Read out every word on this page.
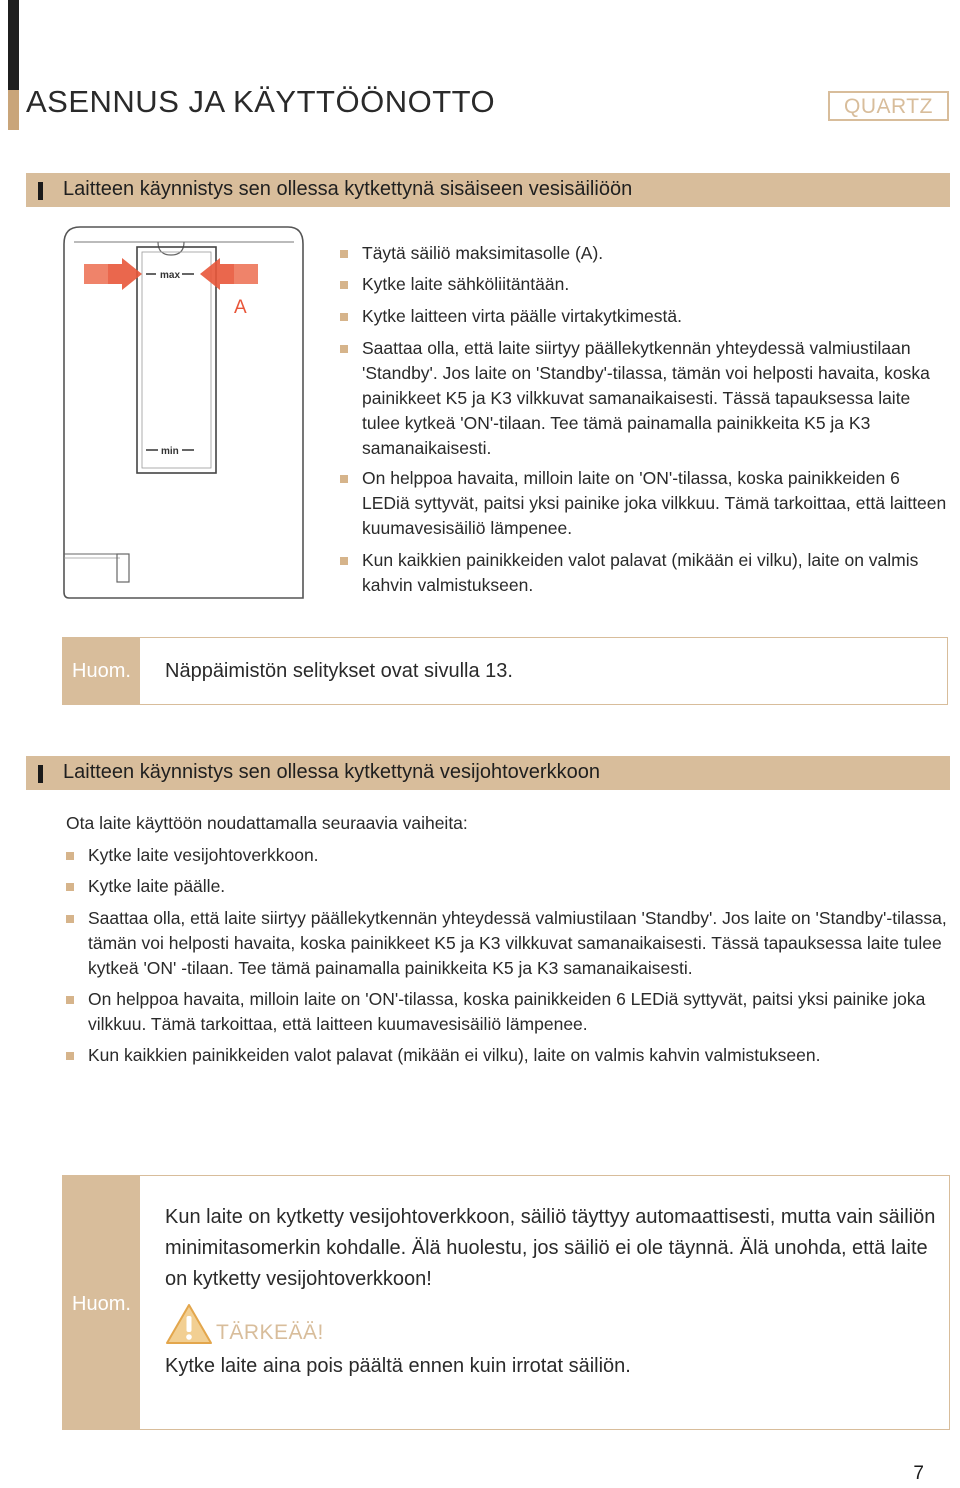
ASENNUS JA KÄYTTÖÖNOTTO	QUARTZ
Laitteen käynnistys sen ollessa kytkettynä sisäiseen vesisäiliöön
max
min
A
Täytä säiliö maksimitasolle (A).
Kytke laite sähköliitäntään.
Kytke laitteen virta päälle virtakytkimestä.
Saattaa olla, että laite siirtyy päällekytkennän yhteydessä valmiustilaan 'Standby'. Jos laite on 'Standby'-tilassa, tämän voi helposti havaita, koska painikkeet K5 ja K3 vilkkuvat samanaikaisesti. Tässä tapauksessa laite tulee kytkeä 'ON'-tilaan. Tee tämä painamalla painikkeita K5 ja K3 samanaikaisesti.
On helppoa havaita, milloin laite on 'ON'-tilassa, koska painikkeiden 6 LEDiä syttyvät, paitsi yksi painike joka vilkkuu. Tämä tarkoittaa, että laitteen kuumavesisäiliö lämpenee.
Kun kaikkien painikkeiden valot palavat (mikään ei vilku), laite on valmis kahvin valmistukseen.
Huom. Näppäimistön selitykset ovat sivulla 13.
Laitteen käynnistys sen ollessa kytkettynä vesijohtoverkkoon
Ota laite käyttöön noudattamalla seuraavia vaiheita:
Kytke laite vesijohtoverkkoon.
Kytke laite päälle.
Saattaa olla, että laite siirtyy päällekytkennän yhteydessä valmiustilaan 'Standby'. Jos laite on 'Standby'-tilassa, tämän voi helposti havaita, koska painikkeet K5 ja K3 vilkkuvat samanaikaisesti. Tässä tapauksessa laite tulee kytkeä 'ON' -tilaan. Tee tämä painamalla painikkeita K5 ja K3 samanaikaisesti.
On helppoa havaita, milloin laite on 'ON'-tilassa, koska painikkeiden 6 LEDiä syttyvät, paitsi yksi painike joka vilkkuu. Tämä tarkoittaa, että laitteen kuumavesisäiliö lämpenee.
Kun kaikkien painikkeiden valot palavat (mikään ei vilku), laite on valmis kahvin valmistukseen.
Huom.
Kun laite on kytketty vesijohtoverkkoon, säiliö täyttyy automaattisesti, mutta vain säiliön minimitasomerkin kohdalle. Älä huolestu, jos säiliö ei ole täynnä. Älä unohda, että laite on kytketty vesijohtoverkkoon!
TÄRKEÄÄ!
Kytke laite aina pois päältä ennen kuin irrotat säiliön.
7
